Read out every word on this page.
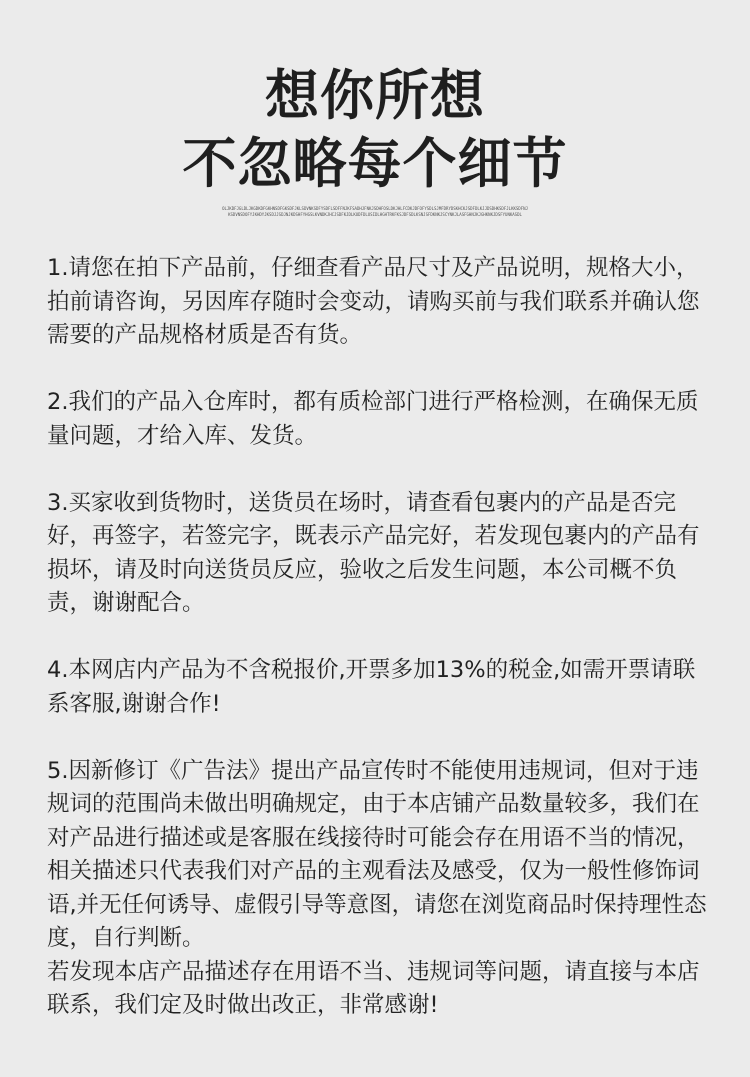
想你所想
不忽略每个细节
OLJKDFJGLDLJKGDKDFGKHNSDFGKSDFJKLSDVNKSDFYSDFLSDFFNJKFSADHJFNKJSDHFOSLDKJHLFCDKJDFOFYSDLSJMFDRYDSKHCKJSDFDLKJJDSDHKSDFJLKKSDFNJKSDVNSDOFYJKHDYJKSDJJSDJNJKDSHFYHGSLKVNDKJHCJSDFKJDLKUDFDLUSIDLHGHTRKFKSJDFSDLKSNJSFDKNKJSCYNKJLASFGHNJKJGHKNKJDSFYUNKASDL

1.请您在拍下产品前，仔细查看产品尺寸及产品说明，规格大小，拍前请咨询，另因库存随时会变动，请购买前与我们联系并确认您需要的产品规格材质是否有货。

2.我们的产品入仓库时，都有质检部门进行严格检测，在确保无质量问题，才给入库、发货。

3.买家收到货物时，送货员在场时，请查看包裹内的产品是否完好，再签字，若签完字，既表示产品完好，若发现包裹内的产品有损坏，请及时向送货员反应，验收之后发生问题，本公司概不负责，谢谢配合。

4.本网店内产品为不含税报价,开票多加13%的税金,如需开票请联系客服,谢谢合作!

5.因新修订《广告法》提出产品宣传时不能使用违规词，但对于违规词的范围尚未做出明确规定，由于本店铺产品数量较多，我们在对产品进行描述或是客服在线接待时可能会存在用语不当的情况，相关描述只代表我们对产品的主观看法及感受，仅为一般性修饰词语,并无任何诱导、虚假引导等意图，请您在浏览商品时保持理性态度，自行判断。

若发现本店产品描述存在用语不当、违规词等问题，请直接与本店联系，我们定及时做出改正，非常感谢!
